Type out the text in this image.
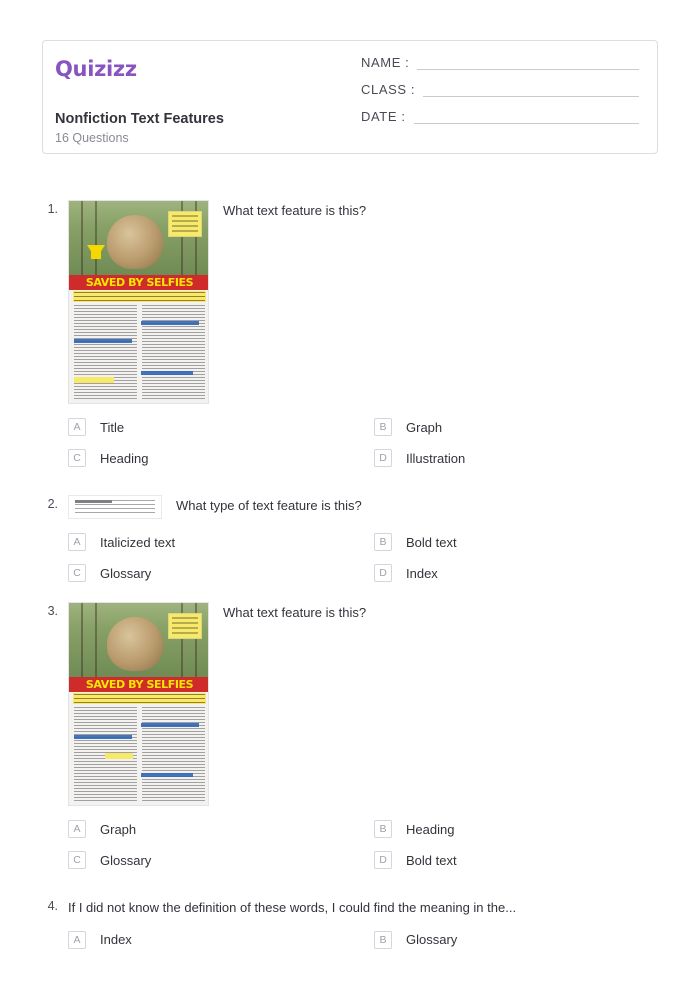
Quizizz
Nonfiction Text Features
16 Questions
NAME :
CLASS :
DATE :
1.
SAVED BY SELFIES
What text feature is this?
A	Title	B	Graph
C	Heading	D	Illustration
2.	What type of text feature is this?
A	Italicized text	B	Bold text
C	Glossary	D	Index
3.
SAVED BY SELFIES
What text feature is this?
A	Graph	B	Heading
C	Glossary	D	Bold text
4. If I did not know the definition of these words, I could find the meaning in the...
A	Index	B	Glossary
